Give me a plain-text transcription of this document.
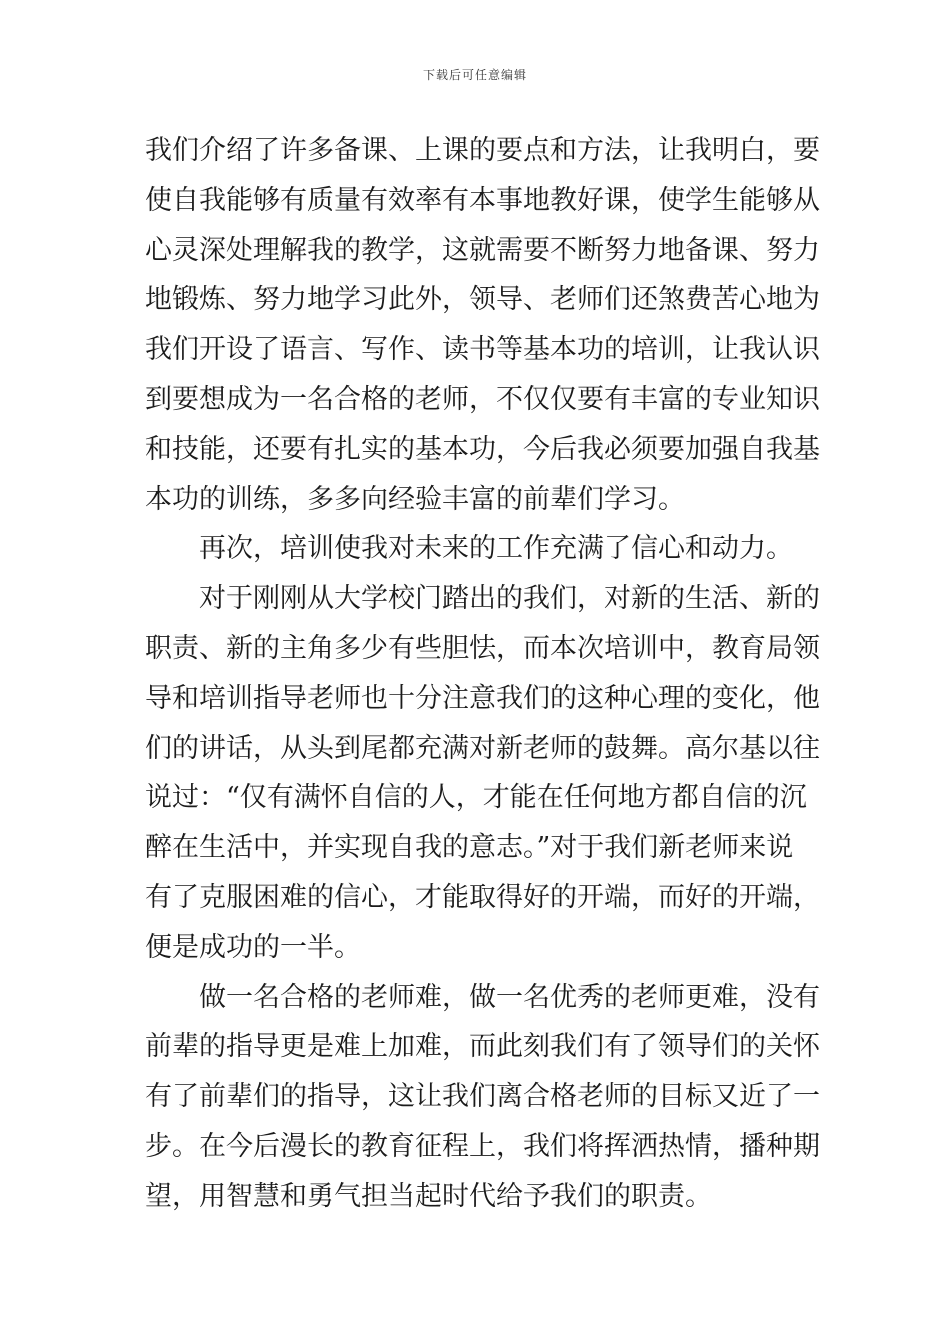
下载后可任意编辑
我们介绍了许多备课、上课的要点和方法，让我明白，要
使自我能够有质量有效率有本事地教好课，使学生能够从
心灵深处理解我的教学，这就需要不断努力地备课、努力
地锻炼、努力地学习此外，领导、老师们还煞费苦心地为
我们开设了语言、写作、读书等基本功的培训，让我认识
到要想成为一名合格的老师，不仅仅要有丰富的专业知识
和技能，还要有扎实的基本功，今后我必须要加强自我基
本功的训练，多多向经验丰富的前辈们学习。
再次，培训使我对未来的工作充满了信心和动力。
对于刚刚从大学校门踏出的我们，对新的生活、新的
职责、新的主角多少有些胆怯，而本次培训中，教育局领
导和培训指导老师也十分注意我们的这种心理的变化，他
们的讲话，从头到尾都充满对新老师的鼓舞。高尔基以往
说过：“仅有满怀自信的人，才能在任何地方都自信的沉
醉在生活中，并实现自我的意志。”对于我们新老师来说
有了克服困难的信心，才能取得好的开端，而好的开端，
便是成功的一半。
做一名合格的老师难，做一名优秀的老师更难，没有
前辈的指导更是难上加难，而此刻我们有了领导们的关怀
有了前辈们的指导，这让我们离合格老师的目标又近了一
步。在今后漫长的教育征程上，我们将挥洒热情，播种期
望，用智慧和勇气担当起时代给予我们的职责。
